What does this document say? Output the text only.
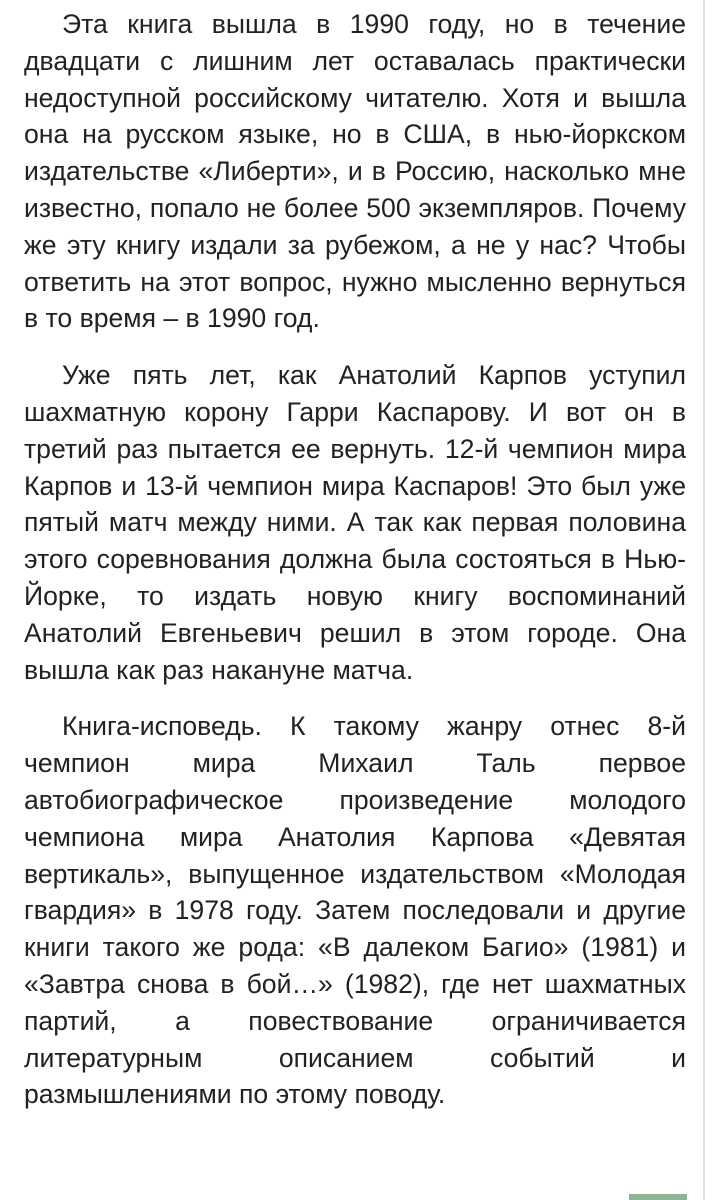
Эта книга вышла в 1990 году, но в течение двадцати с лишним лет оставалась практически недоступной российскому читателю. Хотя и вышла она на русском языке, но в США, в нью-йоркском издательстве «Либерти», и в Россию, насколько мне известно, попало не более 500 экземпляров. Почему же эту книгу издали за рубежом, а не у нас? Чтобы ответить на этот вопрос, нужно мысленно вернуться в то время – в 1990 год.

Уже пять лет, как Анатолий Карпов уступил шахматную корону Гарри Каспарову. И вот он в третий раз пытается ее вернуть. 12-й чемпион мира Карпов и 13-й чемпион мира Каспаров! Это был уже пятый матч между ними. А так как первая половина этого соревнования должна была состояться в Нью-Йорке, то издать новую книгу воспоминаний Анатолий Евгеньевич решил в этом городе. Она вышла как раз накануне матча.

Книга-исповедь. К такому жанру отнес 8-й чемпион мира Михаил Таль первое автобиографическое произведение молодого чемпиона мира Анатолия Карпова «Девятая вертикаль», выпущенное издательством «Молодая гвардия» в 1978 году. Затем последовали и другие книги такого же рода: «В далеком Багио» (1981) и «Завтра снова в бой…» (1982), где нет шахматных партий, а повествование ограничивается литературным описанием событий и размышлениями по этому поводу.
